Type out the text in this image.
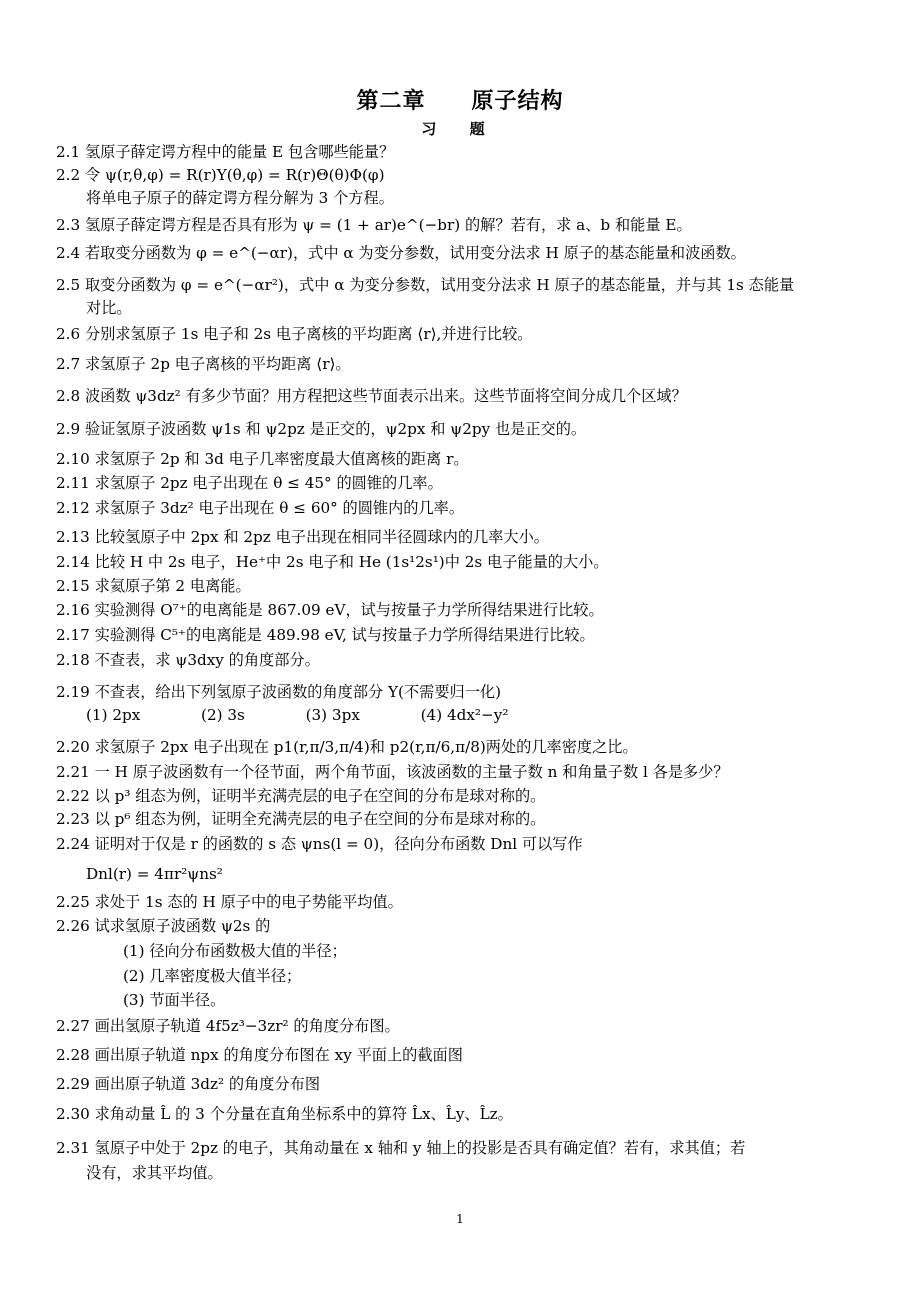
第二章　　原子结构
习 题
2.1 氢原子薛定谔方程中的能量 E 包含哪些能量？
2.2 令 ψ(r,θ,φ) = R(r)Y(θ,φ) = R(r)Θ(θ)Φ(φ)
将单电子原子的薛定谔方程分解为 3 个方程。
2.3 氢原子薛定谔方程是否具有形为 ψ = (1 + ar)e^(−br) 的解？若有，求 a、b 和能量 E。
2.4 若取变分函数为 φ = e^(−αr)，式中 α 为变分参数，试用变分法求 H 原子的基态能量和波函数。
2.5 取变分函数为 φ = e^(−αr²)，式中 α 为变分参数，试用变分法求 H 原子的基态能量，并与其 1s 态能量
对比。
2.6 分别求氢原子 1s 电子和 2s 电子离核的平均距离 ⟨r⟩,并进行比较。
2.7 求氢原子 2p 电子离核的平均距离 ⟨r⟩。
2.8 波函数 ψ3dz² 有多少节面？用方程把这些节面表示出来。这些节面将空间分成几个区域？
2.9 验证氢原子波函数 ψ1s 和 ψ2pz 是正交的，ψ2px 和 ψ2py 也是正交的。
2.10 求氢原子 2p 和 3d 电子几率密度最大值离核的距离 r。
2.11 求氢原子 2pz 电子出现在 θ ≤ 45° 的圆锥的几率。
2.12 求氢原子 3dz² 电子出现在 θ ≤ 60° 的圆锥内的几率。
2.13 比较氢原子中 2px 和 2pz 电子出现在相同半径圆球内的几率大小。
2.14 比较 H 中 2s 电子，He⁺中 2s 电子和 He (1s¹2s¹)中 2s 电子能量的大小。
2.15 求氦原子第 2 电离能。
2.16 实验测得 O⁷⁺的电离能是 867.09 eV，试与按量子力学所得结果进行比较。
2.17 实验测得 C⁵⁺的电离能是 489.98 eV, 试与按量子力学所得结果进行比较。
2.18 不查表，求 ψ3dxy 的角度部分。
2.19 不查表，给出下列氢原子波函数的角度部分 Y(不需要归一化)
(1) 2px　　　　(2) 3s　　　　(3) 3px　　　　(4) 4dx²−y²
2.20 求氢原子 2px 电子出现在 p1(r,π/3,π/4)和 p2(r,π/6,π/8)两处的几率密度之比。
2.21 一 H 原子波函数有一个径节面，两个角节面，该波函数的主量子数 n 和角量子数 l 各是多少？
2.22 以 p³ 组态为例，证明半充满壳层的电子在空间的分布是球对称的。
2.23 以 p⁶ 组态为例，证明全充满壳层的电子在空间的分布是球对称的。
2.24 证明对于仅是 r 的函数的 s 态 ψns(l = 0)，径向分布函数 Dnl 可以写作
Dnl(r) = 4πr²ψns²
2.25 求处于 1s 态的 H 原子中的电子势能平均值。
2.26 试求氢原子波函数 ψ2s 的
(1) 径向分布函数极大值的半径；
(2) 几率密度极大值半径；
(3) 节面半径。
2.27 画出氢原子轨道 4f5z³−3zr² 的角度分布图。
2.28 画出原子轨道 npx 的角度分布图在 xy 平面上的截面图
2.29 画出原子轨道 3dz² 的角度分布图
2.30 求角动量 L̂ 的 3 个分量在直角坐标系中的算符 L̂x、L̂y、L̂z。
2.31 氢原子中处于 2pz 的电子，其角动量在 x 轴和 y 轴上的投影是否具有确定值？若有，求其值；若
没有，求其平均值。
1
